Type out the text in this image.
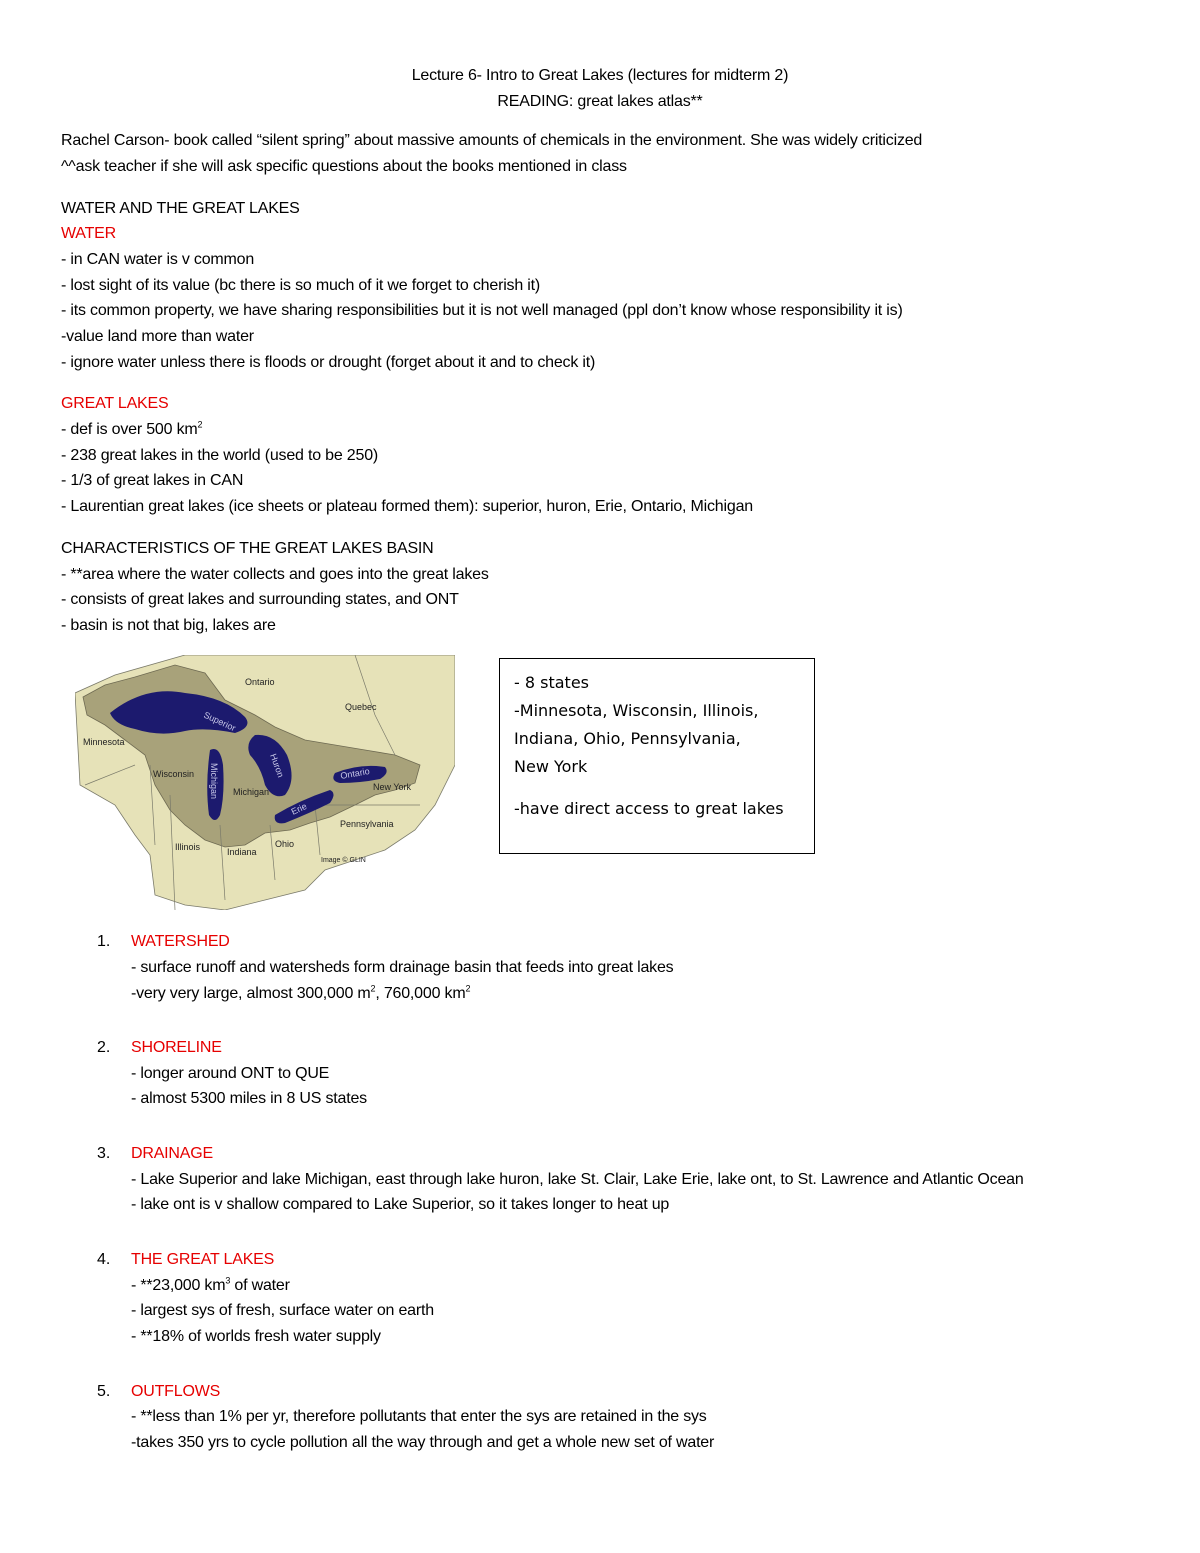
Lecture 6- Intro to Great Lakes (lectures for midterm 2)
READING: great lakes atlas**
Rachel Carson- book called “silent spring” about massive amounts of chemicals in the environment. She was widely criticized
^^ask teacher if she will ask specific questions about the books mentioned in class
WATER AND THE GREAT LAKES
WATER
- in CAN water is v common
- lost sight of its value (bc there is so much of it we forget to cherish it)
- its common property, we have sharing responsibilities but it is not well managed (ppl don’t know whose responsibility it is)
-value land more than water
- ignore water unless there is floods or drought (forget about it and to check it)
GREAT LAKES
- def is over 500 $km^2$
- 238 great lakes in the world (used to be 250)
- 1/3 of great lakes in CAN
- Laurentian great lakes (ice sheets or plateau formed them): superior, huron, Erie, Ontario, Michigan
CHARACTERISTICS OF THE GREAT LAKES BASIN
- **area where the water collects and goes into the great lakes
- consists of great lakes and surrounding states, and ONT
- basin is not that big, lakes are
Ontario
Quebec
Minnesota
Wisconsin
Michigan	New York
Pennsylvania
Ohio
Indiana
Illinois
Superior
Huron
Michigan
Erie
Ontario
Image © GLIN

- 8 states

-Minnesota, Wisconsin, Illinois,

Indiana, Ohio, Pennsylvania,

New York

-have direct access to great lakes

1. WATERSHED
- surface runoff and watersheds form drainage basin that feeds into great lakes
-very very large, almost 300,000 $m^2$, 760,000 $km^2$
2. SHORELINE
- longer around ONT to QUE
- almost 5300 miles in 8 US states
3. DRAINAGE
- Lake Superior and lake Michigan, east through lake huron, lake St. Clair, Lake Erie, lake ont, to St. Lawrence and Atlantic Ocean
- lake ont is v shallow compared to Lake Superior, so it takes longer to heat up
4. THE GREAT LAKES
- **23,000 $km^3$ of water
- largest sys of fresh, surface water on earth
- **18% of worlds fresh water supply
5. OUTFLOWS
- **less than 1% per yr, therefore pollutants that enter the sys are retained in the sys
-takes 350 yrs to cycle pollution all the way through and get a whole new set of water
